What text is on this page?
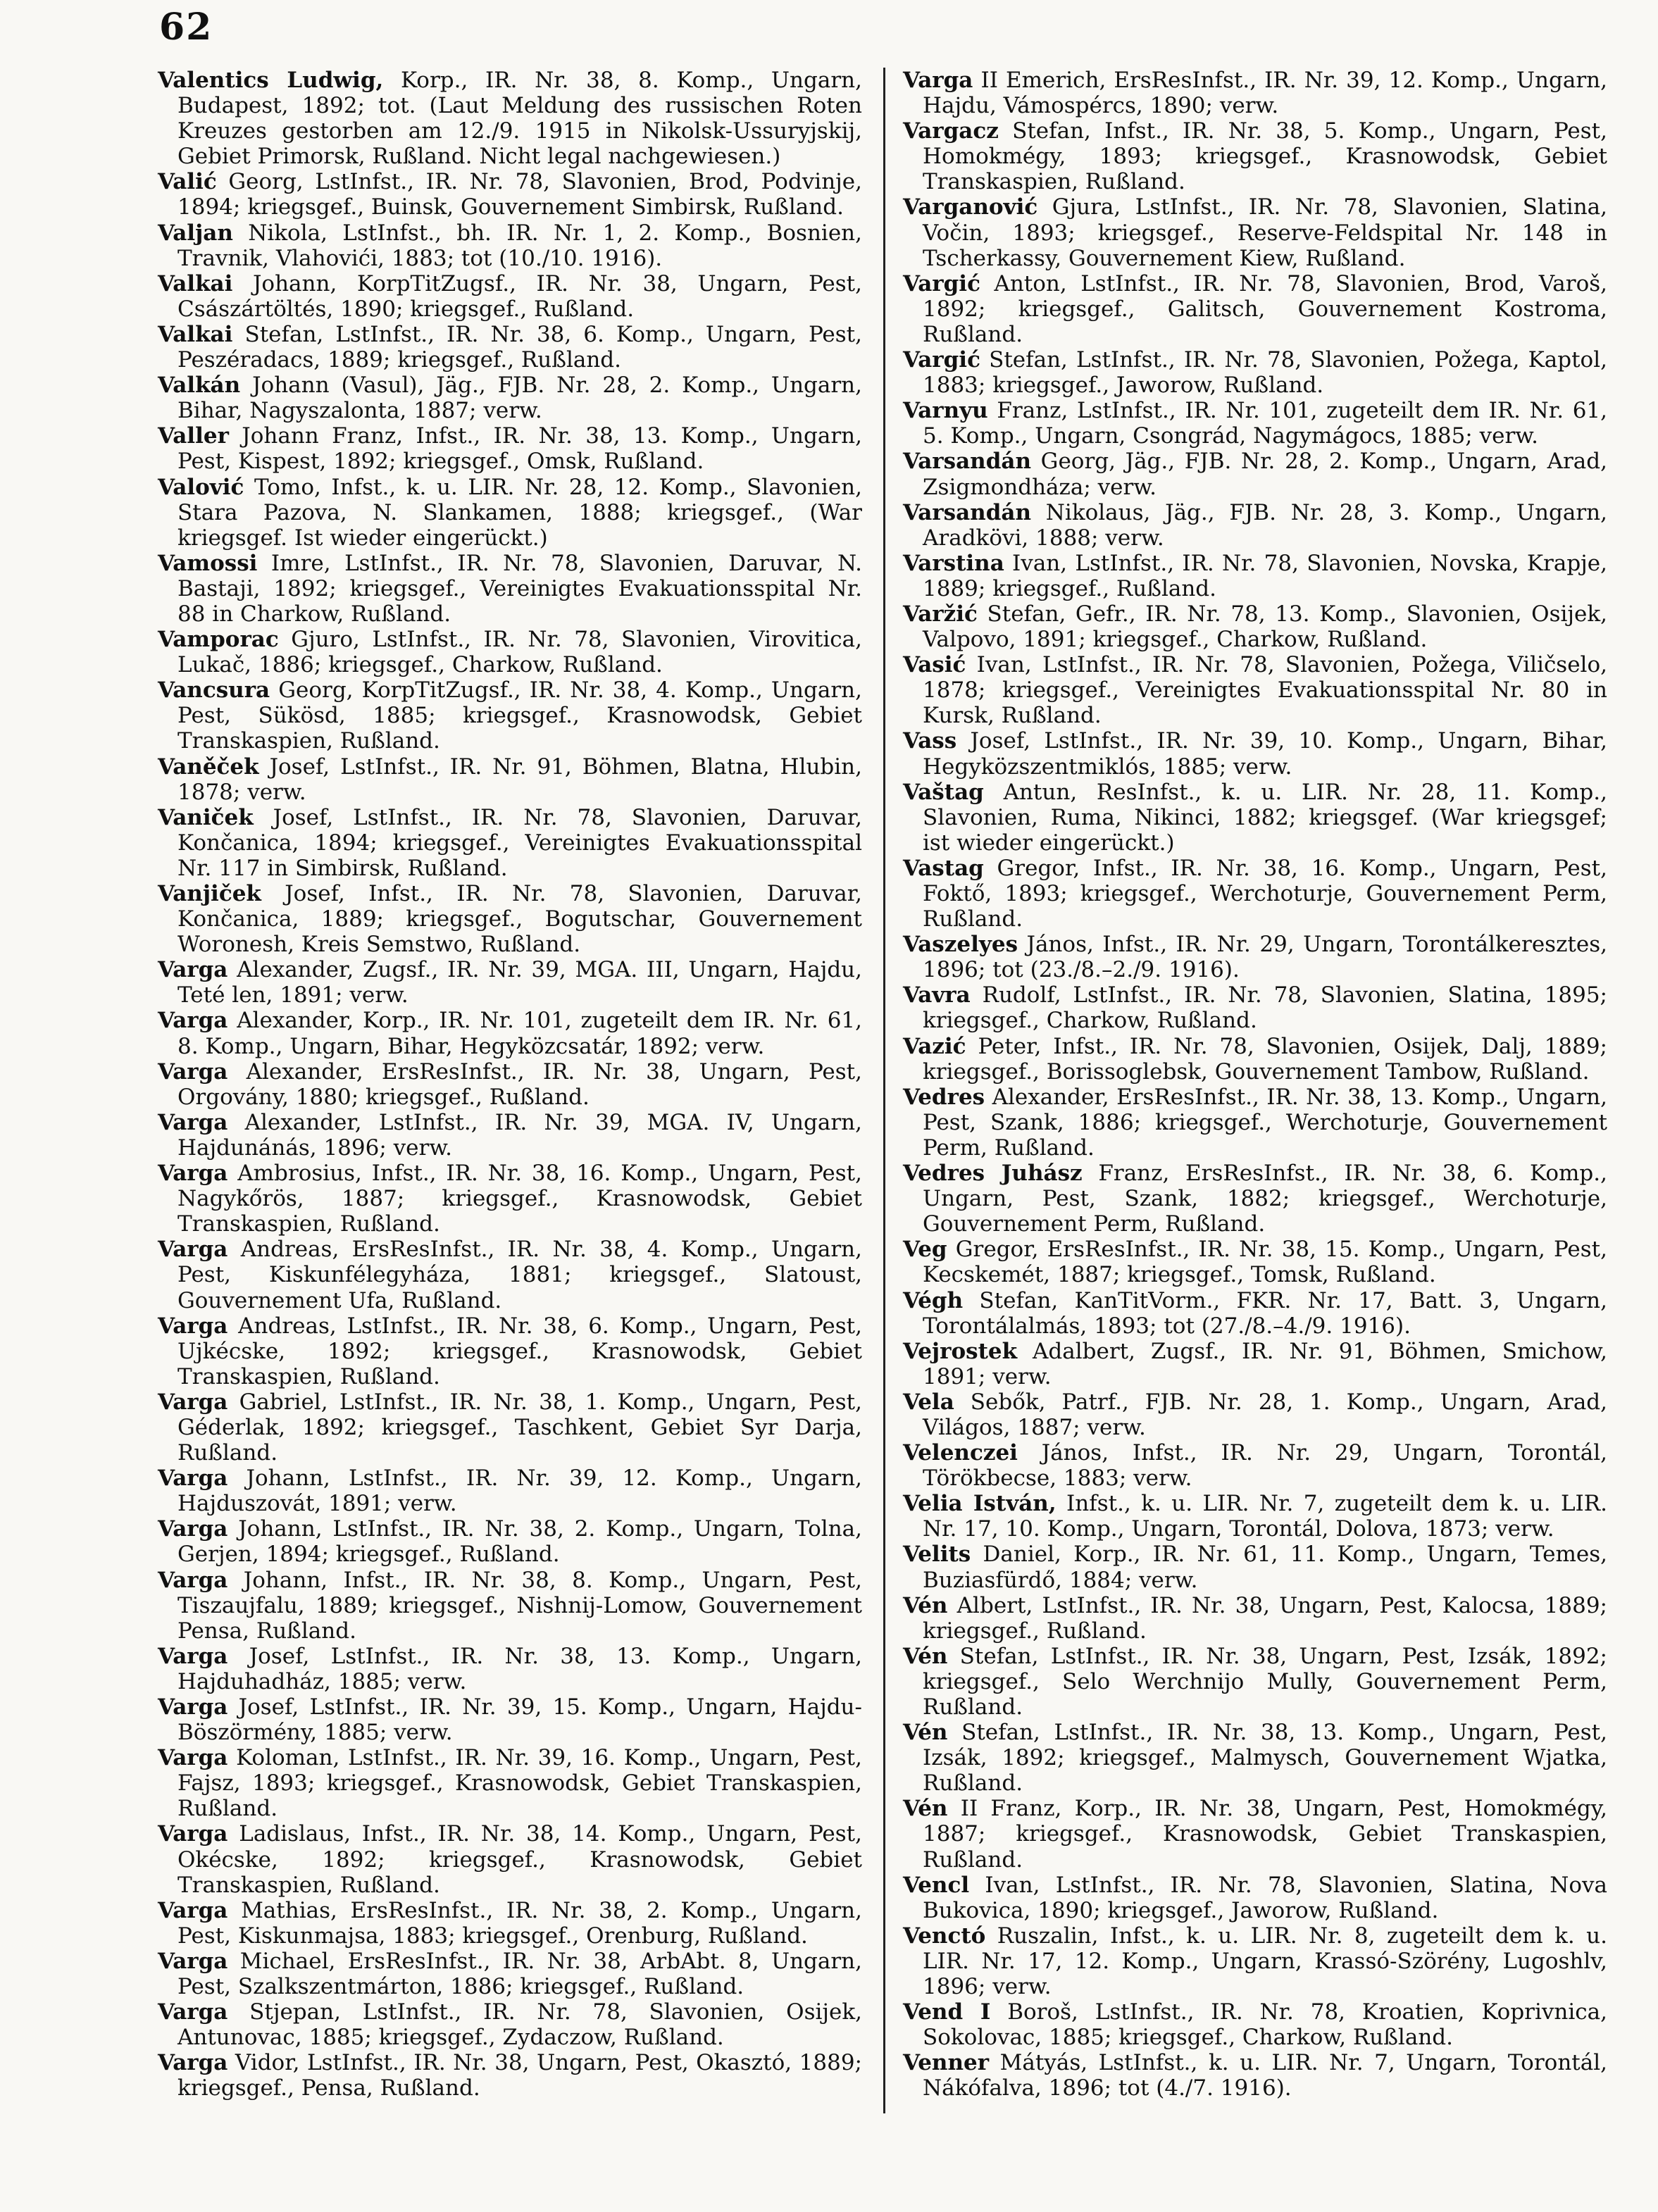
62

Valentics Ludwig, Korp., IR. Nr. 38, 8. Komp., Ungarn, Budapest, 1892; tot. (Laut Meldung des russischen Roten Kreuzes gestorben am 12./9. 1915 in Nikolsk-Ussuryjskij, Gebiet Primorsk, Rußland. Nicht legal nachgewiesen.)

Valić Georg, LstInfst., IR. Nr. 78, Slavonien, Brod, Podvinje, 1894; kriegsgef., Buinsk, Gouvernement Simbirsk, Rußland.

Valjan Nikola, LstInfst., bh. IR. Nr. 1, 2. Komp., Bosnien, Travnik, Vlahovići, 1883; tot (10./10. 1916).

Valkai Johann, KorpTitZugsf., IR. Nr. 38, Ungarn, Pest, Császártöltés, 1890; kriegsgef., Rußland.

Valkai Stefan, LstInfst., IR. Nr. 38, 6. Komp., Ungarn, Pest, Peszéradacs, 1889; kriegsgef., Rußland.

Valkán Johann (Vasul), Jäg., FJB. Nr. 28, 2. Komp., Ungarn, Bihar, Nagyszalonta, 1887; verw.

Valler Johann Franz, Infst., IR. Nr. 38, 13. Komp., Ungarn, Pest, Kispest, 1892; kriegsgef., Omsk, Rußland.

Valović Tomo, Infst., k. u. LIR. Nr. 28, 12. Komp., Slavonien, Stara Pazova, N. Slankamen, 1888; kriegsgef., (War kriegsgef. Ist wieder eingerückt.)

Vamossi Imre, LstInfst., IR. Nr. 78, Slavonien, Daruvar, N. Bastaji, 1892; kriegsgef., Vereinigtes Evakuationsspital Nr. 88 in Charkow, Rußland.

Vamporac Gjuro, LstInfst., IR. Nr. 78, Slavonien, Virovitica, Lukač, 1886; kriegsgef., Charkow, Rußland.

Vancsura Georg, KorpTitZugsf., IR. Nr. 38, 4. Komp., Ungarn, Pest, Sükösd, 1885; kriegsgef., Krasnowodsk, Gebiet Transkaspien, Rußland.

Vaněček Josef, LstInfst., IR. Nr. 91, Böhmen, Blatna, Hlubin, 1878; verw.

Vaniček Josef, LstInfst., IR. Nr. 78, Slavonien, Daruvar, Končanica, 1894; kriegsgef., Vereinigtes Evakuationsspital Nr. 117 in Simbirsk, Rußland.

Vanjiček Josef, Infst., IR. Nr. 78, Slavonien, Daruvar, Končanica, 1889; kriegsgef., Bogutschar, Gouvernement Woronesh, Kreis Semstwo, Rußland.

Varga Alexander, Zugsf., IR. Nr. 39, MGA. III, Ungarn, Hajdu, Teté len, 1891; verw.

Varga Alexander, Korp., IR. Nr. 101, zugeteilt dem IR. Nr. 61, 8. Komp., Ungarn, Bihar, Hegyközcsatár, 1892; verw.

Varga Alexander, ErsResInfst., IR. Nr. 38, Ungarn, Pest, Orgovány, 1880; kriegsgef., Rußland.

Varga Alexander, LstInfst., IR. Nr. 39, MGA. IV, Ungarn, Hajdunánás, 1896; verw.

Varga Ambrosius, Infst., IR. Nr. 38, 16. Komp., Ungarn, Pest, Nagykőrös, 1887; kriegsgef., Krasnowodsk, Gebiet Transkaspien, Rußland.

Varga Andreas, ErsResInfst., IR. Nr. 38, 4. Komp., Ungarn, Pest, Kiskunfélegyháza, 1881; kriegsgef., Slatoust, Gouvernement Ufa, Rußland.

Varga Andreas, LstInfst., IR. Nr. 38, 6. Komp., Ungarn, Pest, Ujkécske, 1892; kriegsgef., Krasnowodsk, Gebiet Transkaspien, Rußland.

Varga Gabriel, LstInfst., IR. Nr. 38, 1. Komp., Ungarn, Pest, Géderlak, 1892; kriegsgef., Taschkent, Gebiet Syr Darja, Rußland.

Varga Johann, LstInfst., IR. Nr. 39, 12. Komp., Ungarn, Hajduszovát, 1891; verw.

Varga Johann, LstInfst., IR. Nr. 38, 2. Komp., Ungarn, Tolna, Gerjen, 1894; kriegsgef., Rußland.

Varga Johann, Infst., IR. Nr. 38, 8. Komp., Ungarn, Pest, Tiszaujfalu, 1889; kriegsgef., Nishnij-Lomow, Gouvernement Pensa, Rußland.

Varga Josef, LstInfst., IR. Nr. 38, 13. Komp., Ungarn, Hajduhadház, 1885; verw.

Varga Josef, LstInfst., IR. Nr. 39, 15. Komp., Ungarn, Hajdu-Böszörmény, 1885; verw.

Varga Koloman, LstInfst., IR. Nr. 39, 16. Komp., Ungarn, Pest, Fajsz, 1893; kriegsgef., Krasnowodsk, Gebiet Transkaspien, Rußland.

Varga Ladislaus, Infst., IR. Nr. 38, 14. Komp., Ungarn, Pest, Okécske, 1892; kriegsgef., Krasnowodsk, Gebiet Transkaspien, Rußland.

Varga Mathias, ErsResInfst., IR. Nr. 38, 2. Komp., Ungarn, Pest, Kiskunmajsa, 1883; kriegsgef., Orenburg, Rußland.

Varga Michael, ErsResInfst., IR. Nr. 38, ArbAbt. 8, Ungarn, Pest, Szalkszentmárton, 1886; kriegsgef., Rußland.

Varga Stjepan, LstInfst., IR. Nr. 78, Slavonien, Osijek, Antunovac, 1885; kriegsgef., Zydaczow, Rußland.

Varga Vidor, LstInfst., IR. Nr. 38, Ungarn, Pest, Okasztó, 1889; kriegsgef., Pensa, Rußland.

Varga II Emerich, ErsResInfst., IR. Nr. 39, 12. Komp., Ungarn, Hajdu, Vámospércs, 1890; verw.

Vargacz Stefan, Infst., IR. Nr. 38, 5. Komp., Ungarn, Pest, Homokmégy, 1893; kriegsgef., Krasnowodsk, Gebiet Transkaspien, Rußland.

Varganović Gjura, LstInfst., IR. Nr. 78, Slavonien, Slatina, Vočin, 1893; kriegsgef., Reserve-Feldspital Nr. 148 in Tscherkassy, Gouvernement Kiew, Rußland.

Vargić Anton, LstInfst., IR. Nr. 78, Slavonien, Brod, Varoš, 1892; kriegsgef., Galitsch, Gouvernement Kostroma, Rußland.

Vargić Stefan, LstInfst., IR. Nr. 78, Slavonien, Požega, Kaptol, 1883; kriegsgef., Jaworow, Rußland.

Varnyu Franz, LstInfst., IR. Nr. 101, zugeteilt dem IR. Nr. 61, 5. Komp., Ungarn, Csongrád, Nagymágocs, 1885; verw.

Varsandán Georg, Jäg., FJB. Nr. 28, 2. Komp., Ungarn, Arad, Zsigmondháza; verw.

Varsandán Nikolaus, Jäg., FJB. Nr. 28, 3. Komp., Ungarn, Aradkövi, 1888; verw.

Varstina Ivan, LstInfst., IR. Nr. 78, Slavonien, Novska, Krapje, 1889; kriegsgef., Rußland.

Varžić Stefan, Gefr., IR. Nr. 78, 13. Komp., Slavonien, Osijek, Valpovo, 1891; kriegsgef., Charkow, Rußland.

Vasić Ivan, LstInfst., IR. Nr. 78, Slavonien, Požega, Viličselo, 1878; kriegsgef., Vereinigtes Evakuationsspital Nr. 80 in Kursk, Rußland.

Vass Josef, LstInfst., IR. Nr. 39, 10. Komp., Ungarn, Bihar, Hegyközszentmiklós, 1885; verw.

Vaštag Antun, ResInfst., k. u. LIR. Nr. 28, 11. Komp., Slavonien, Ruma, Nikinci, 1882; kriegsgef. (War kriegsgef; ist wieder eingerückt.)

Vastag Gregor, Infst., IR. Nr. 38, 16. Komp., Ungarn, Pest, Foktő, 1893; kriegsgef., Werchoturje, Gouvernement Perm, Rußland.

Vaszelyes János, Infst., IR. Nr. 29, Ungarn, Torontálkeresztes, 1896; tot (23./8.–2./9. 1916).

Vavra Rudolf, LstInfst., IR. Nr. 78, Slavonien, Slatina, 1895; kriegsgef., Charkow, Rußland.

Vazić Peter, Infst., IR. Nr. 78, Slavonien, Osijek, Dalj, 1889; kriegsgef., Borissoglebsk, Gouvernement Tambow, Rußland.

Vedres Alexander, ErsResInfst., IR. Nr. 38, 13. Komp., Ungarn, Pest, Szank, 1886; kriegsgef., Werchoturje, Gouvernement Perm, Rußland.

Vedres Juhász Franz, ErsResInfst., IR. Nr. 38, 6. Komp., Ungarn, Pest, Szank, 1882; kriegsgef., Werchoturje, Gouvernement Perm, Rußland.

Veg Gregor, ErsResInfst., IR. Nr. 38, 15. Komp., Ungarn, Pest, Kecskemét, 1887; kriegsgef., Tomsk, Rußland.

Végh Stefan, KanTitVorm., FKR. Nr. 17, Batt. 3, Ungarn, Torontálalmás, 1893; tot (27./8.–4./9. 1916).

Vejrostek Adalbert, Zugsf., IR. Nr. 91, Böhmen, Smichow, 1891; verw.

Vela Sebők, Patrf., FJB. Nr. 28, 1. Komp., Ungarn, Arad, Világos, 1887; verw.

Velenczei János, Infst., IR. Nr. 29, Ungarn, Torontál, Törökbecse, 1883; verw.

Velia István, Infst., k. u. LIR. Nr. 7, zugeteilt dem k. u. LIR. Nr. 17, 10. Komp., Ungarn, Torontál, Dolova, 1873; verw.

Velits Daniel, Korp., IR. Nr. 61, 11. Komp., Ungarn, Temes, Buziasfürdő, 1884; verw.

Vén Albert, LstInfst., IR. Nr. 38, Ungarn, Pest, Kalocsa, 1889; kriegsgef., Rußland.

Vén Stefan, LstInfst., IR. Nr. 38, Ungarn, Pest, Izsák, 1892; kriegsgef., Selo Werchnijo Mully, Gouvernement Perm, Rußland.

Vén Stefan, LstInfst., IR. Nr. 38, 13. Komp., Ungarn, Pest, Izsák, 1892; kriegsgef., Malmysch, Gouvernement Wjatka, Rußland.

Vén II Franz, Korp., IR. Nr. 38, Ungarn, Pest, Homokmégy, 1887; kriegsgef., Krasnowodsk, Gebiet Transkaspien, Rußland.

Vencl Ivan, LstInfst., IR. Nr. 78, Slavonien, Slatina, Nova Bukovica, 1890; kriegsgef., Jaworow, Rußland.

Venctó Ruszalin, Infst., k. u. LIR. Nr. 8, zugeteilt dem k. u. LIR. Nr. 17, 12. Komp., Ungarn, Krassó-Szörény, Lugoshlv, 1896; verw.

Vend I Boroš, LstInfst., IR. Nr. 78, Kroatien, Koprivnica, Sokolovac, 1885; kriegsgef., Charkow, Rußland.

Venner Mátyás, LstInfst., k. u. LIR. Nr. 7, Ungarn, Torontál, Nákófalva, 1896; tot (4./7. 1916).
